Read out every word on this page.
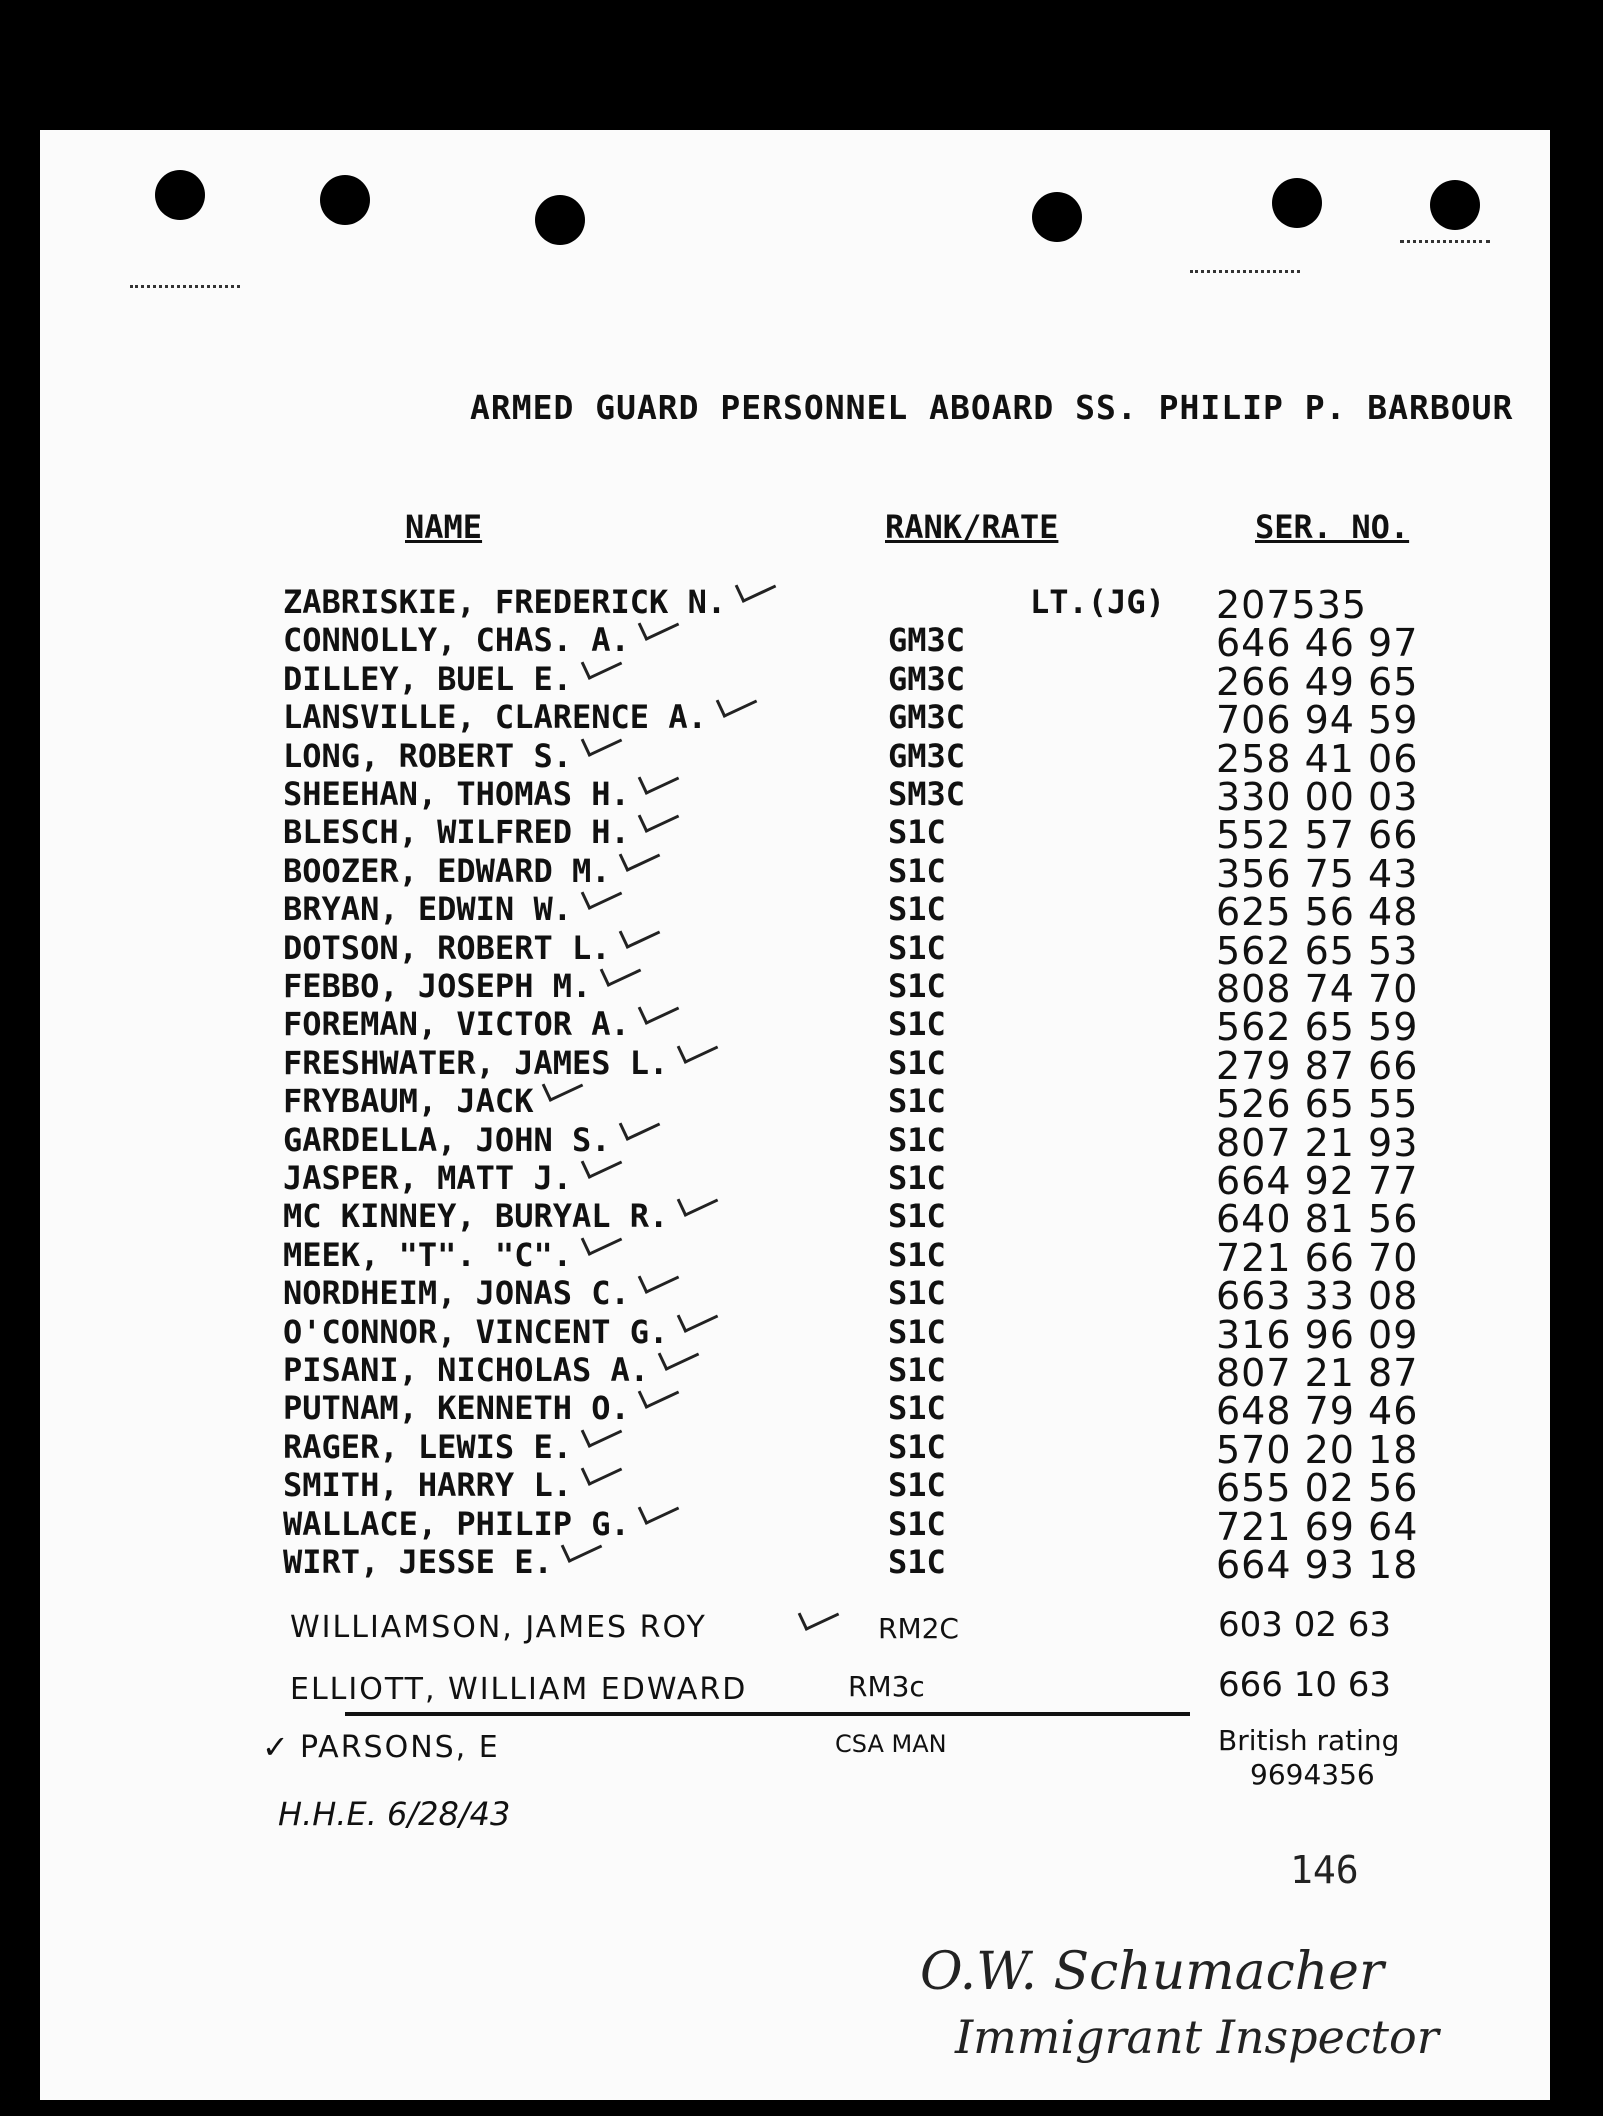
ARMED GUARD PERSONNEL ABOARD SS. PHILIP P. BARBOUR
NAME	RANK/RATE	SER. NO.
ZABRISKIE, FREDERICK N.	LT.(JG) 207535
CONNOLLY, CHAS. A.	GM3C	646 46 97
DILLEY, BUEL E.	GM3C	266 49 65
LANSVILLE, CLARENCE A.	GM3C	706 94 59
LONG, ROBERT S.	GM3C	258 41 06
SHEEHAN, THOMAS H.	SM3C	330 00 03
BLESCH, WILFRED H.	S1C	552 57 66
BOOZER, EDWARD M.	S1C	356 75 43
BRYAN, EDWIN W.	S1C	625 56 48
DOTSON, ROBERT L.	S1C	562 65 53
FEBBO, JOSEPH M.	S1C	808 74 70
FOREMAN, VICTOR A.	S1C	562 65 59
FRESHWATER, JAMES L.	S1C	279 87 66
FRYBAUM, JACK	S1C	526 65 55
GARDELLA, JOHN S.	S1C	807 21 93
JASPER, MATT J.	S1C	664 92 77
MC KINNEY, BURYAL R.	S1C	640 81 56
MEEK, "T". "C".	S1C	721 66 70
NORDHEIM, JONAS C.	S1C	663 33 08
O'CONNOR, VINCENT G.	S1C	316 96 09
PISANI, NICHOLAS A.	S1C	807 21 87
PUTNAM, KENNETH O.	S1C	648 79 46
RAGER, LEWIS E.	S1C	570 20 18
SMITH, HARRY L.	S1C	655 02 56
WALLACE, PHILIP G.	S1C	721 69 64
WIRT, JESSE E.	S1C	664 93 18
WILLIAMSON, JAMES ROY	RM2C	603 02 63
ELLIOTT, WILLIAM EDWARD	RM3c	666 10 63
✓ PARSONS, E	CSA MAN	British rating
9694356
H.H.E. 6/28/43
146
O.W. Schumacher
Immigrant Inspector
